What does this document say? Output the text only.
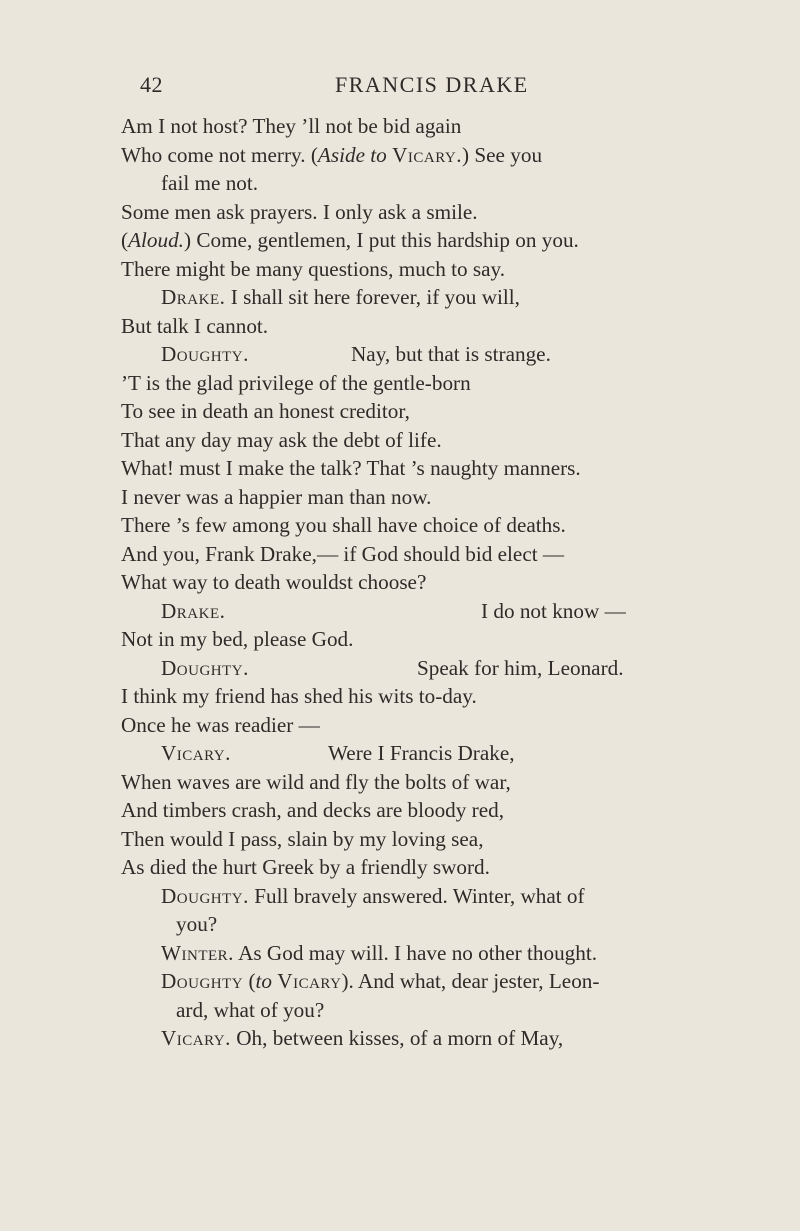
42	FRANCIS DRAKE
Am I not host? They ’ll not be bid again
Who come not merry. (Aside to Vicary.) See you
fail me not.
Some men ask prayers. I only ask a smile.
(Aloud.) Come, gentlemen, I put this hardship on you.
There might be many questions, much to say.
Drake. I shall sit here forever, if you will,
But talk I cannot.
Doughty.	Nay, but that is strange.
’T is the glad privilege of the gentle-born
To see in death an honest creditor,
That any day may ask the debt of life.
What! must I make the talk? That ’s naughty manners.
I never was a happier man than now.
There ’s few among you shall have choice of deaths.
And you, Frank Drake,— if God should bid elect —
What way to death wouldst choose?
Drake.	I do not know —
Not in my bed, please God.
Doughty.	Speak for him, Leonard.
I think my friend has shed his wits to-day.
Once he was readier —
Vicary.	Were I Francis Drake,
When waves are wild and fly the bolts of war,
And timbers crash, and decks are bloody red,
Then would I pass, slain by my loving sea,
As died the hurt Greek by a friendly sword.
Doughty. Full bravely answered. Winter, what of
you?
Winter. As God may will. I have no other thought.
Doughty (to Vicary). And what, dear jester, Leon-
ard, what of you?
Vicary. Oh, between kisses, of a morn of May,
